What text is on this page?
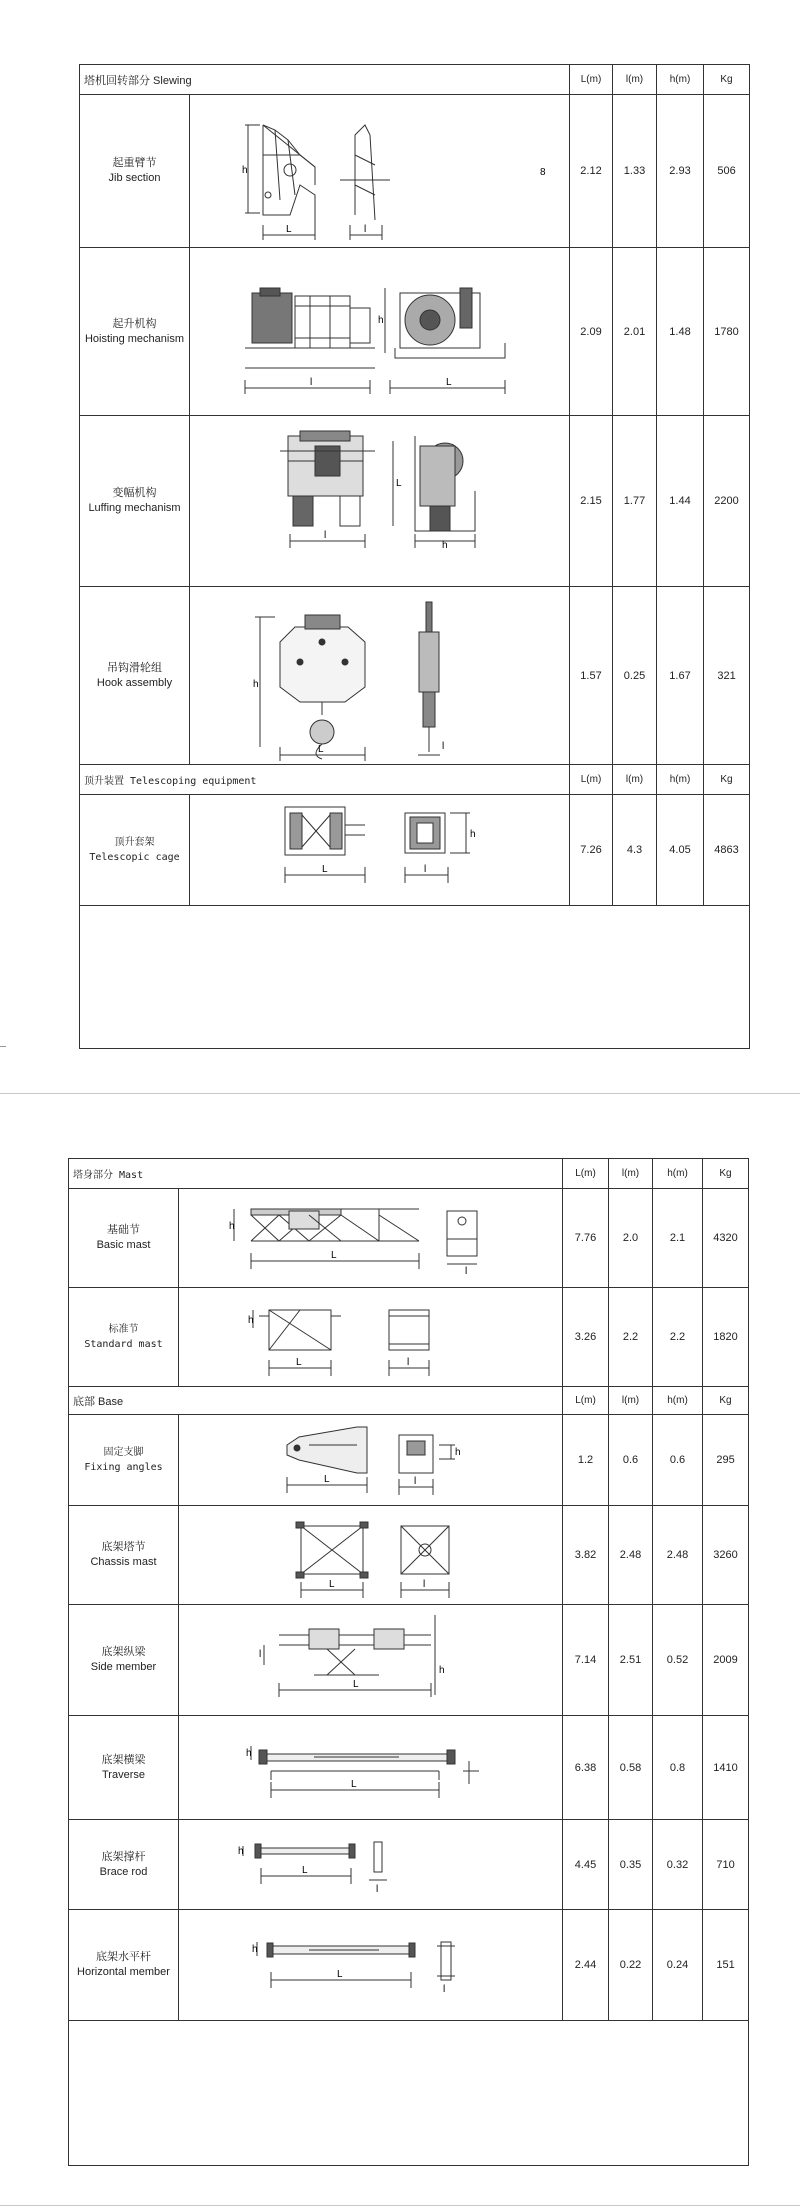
塔机回转部分 Slewing		L(m)	l(m)	h(m)	Kg

起重臂节
Jib section	h
L l
8	2.12	1.33	2.93	506

起升机构
Hoisting mechanism	l L
h	2.09	2.01	1.48	1780

变幅机构
Luffing mechanism	l
L
h	2.15	1.77	1.44	2200

吊钩滑轮组
Hook assembly	h
L l	1.57	0.25	1.67	321
顶升装置 Telescoping equipment		L(m)	l(m)	h(m)	Kg

顶升套架
Telescopic cage	L l
h	7.26	4.3	4.05	4863

塔身部分 Mast		L(m)	l(m)	h(m)	Kg

基础节
Basic mast	h
L
l	7.76	2.0	2.1	4320

标准节
Standard mast	h
L l	3.26	2.2	2.2	1820
底部 Base		L(m)	l(m)	h(m)	Kg

固定支脚
Fixing angles	L l
h	1.2	0.6	0.6	295

底架塔节
Chassis mast	L l	3.82	2.48	2.48	3260

底架纵梁
Side member	l
L
h	7.14	2.51	0.52	2009

底架横梁
Traverse	h
L	6.38	0.58	0.8	1410

底架撑杆
Brace rod	h
L
l	4.45	0.35	0.32	710

底架水平杆
Horizontal member	h
L
l	2.44	0.22	0.24	151
